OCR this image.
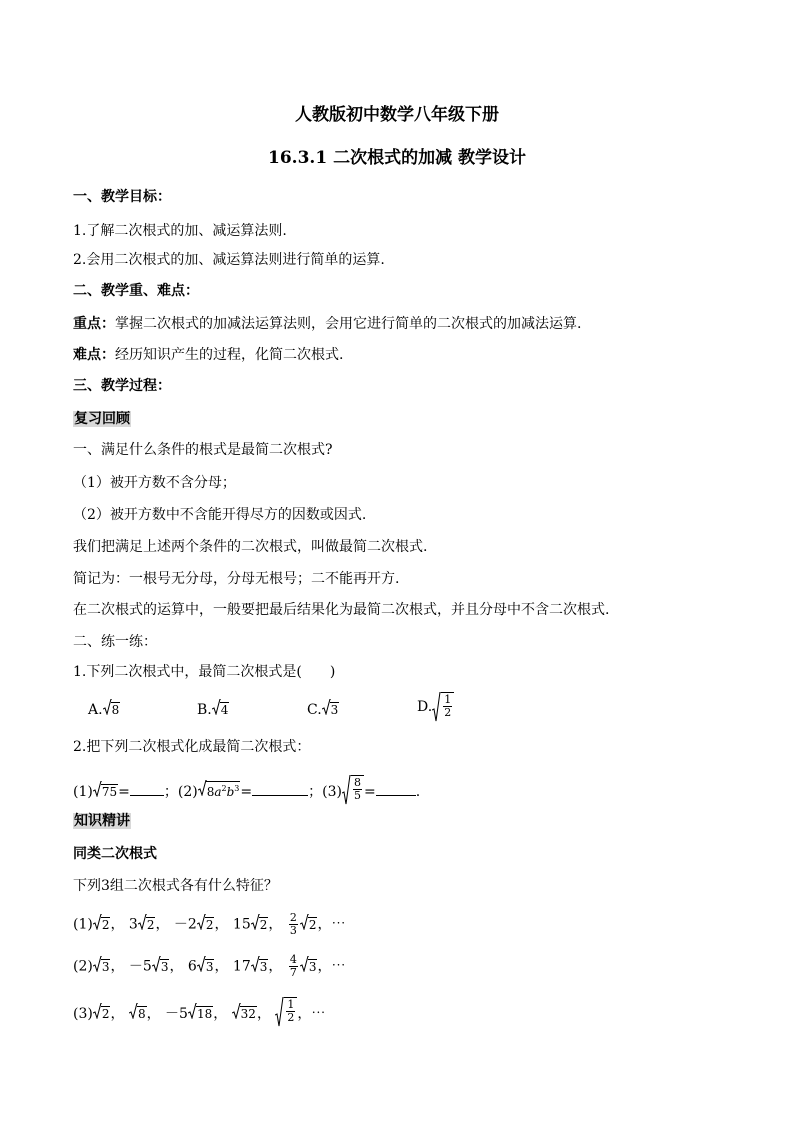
人教版初中数学八年级下册
16.3.1 二次根式的加减 教学设计
一、教学目标：
1.了解二次根式的加、减运算法则.
2.会用二次根式的加、减运算法则进行简单的运算.
二、教学重、难点：
重点：掌握二次根式的加减法运算法则，会用它进行简单的二次根式的加减法运算.
难点：经历知识产生的过程，化简二次根式.
三、教学过程：
复习回顾
一、满足什么条件的根式是最简二次根式?
（1）被开方数不含分母；
（2）被开方数中不含能开得尽方的因数或因式.
我们把满足上述两个条件的二次根式，叫做最简二次根式.
简记为：一根号无分母，分母无根号；二不能再开方.
在二次根式的运算中，一般要把最后结果化为最简二次根式，并且分母中不含二次根式.
二、练一练：
1.下列二次根式中，最简二次根式是(　　)
A. 8	B. 4	C. 3	D. $\frac{1}{2}$
2.把下列二次根式化成最简二次根式：
(1) 75= ；(2) $8a^2b^3=$	；$(3) \frac{8}{5}$ =	.
知识精讲
同类二次根式
下列3组二次根式各有什么特征？
(1) 2， 3 2， －2 2， 15 2， $\frac{2}{3} 2$，⋯
(2) 3， －5 3， 6 3， 17 3， $\frac{4}{7} 3$，⋯
(3) 2，
8， －5 18，
32， $\frac{1}{2}$ ，⋯
